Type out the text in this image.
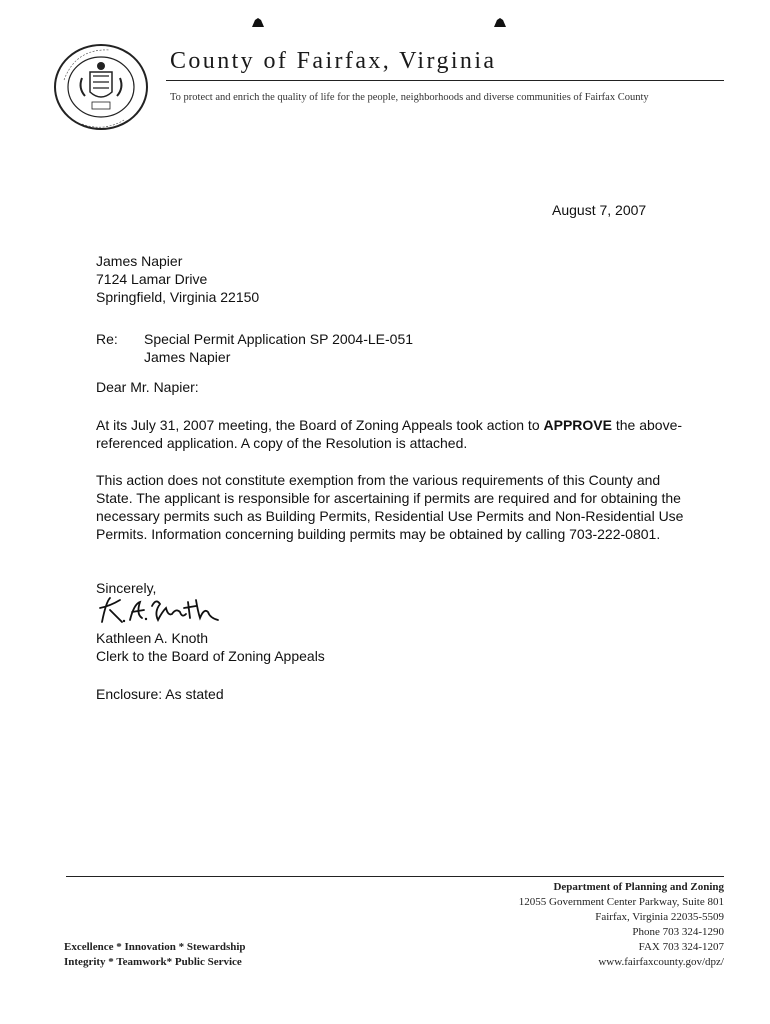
County of Fairfax, Virginia
To protect and enrich the quality of life for the people, neighborhoods and diverse communities of Fairfax County
August 7, 2007
James Napier
7124 Lamar Drive
Springfield, Virginia 22150
Re: Special Permit Application SP 2004-LE-051
James Napier
Dear Mr. Napier:
At its July 31, 2007 meeting, the Board of Zoning Appeals took action to APPROVE the above-referenced application. A copy of the Resolution is attached.
This action does not constitute exemption from the various requirements of this County and State. The applicant is responsible for ascertaining if permits are required and for obtaining the necessary permits such as Building Permits, Residential Use Permits and Non-Residential Use Permits. Information concerning building permits may be obtained by calling 703-222-0801.
Sincerely,
Kathleen A. Knoth
Clerk to the Board of Zoning Appeals
Enclosure: As stated
Department of Planning and Zoning
12055 Government Center Parkway, Suite 801
Fairfax, Virginia 22035-5509
Phone 703 324-1290
FAX 703 324-1207
www.fairfaxcounty.gov/dpz/
Excellence * Innovation * Stewardship
Integrity * Teamwork* Public Service
